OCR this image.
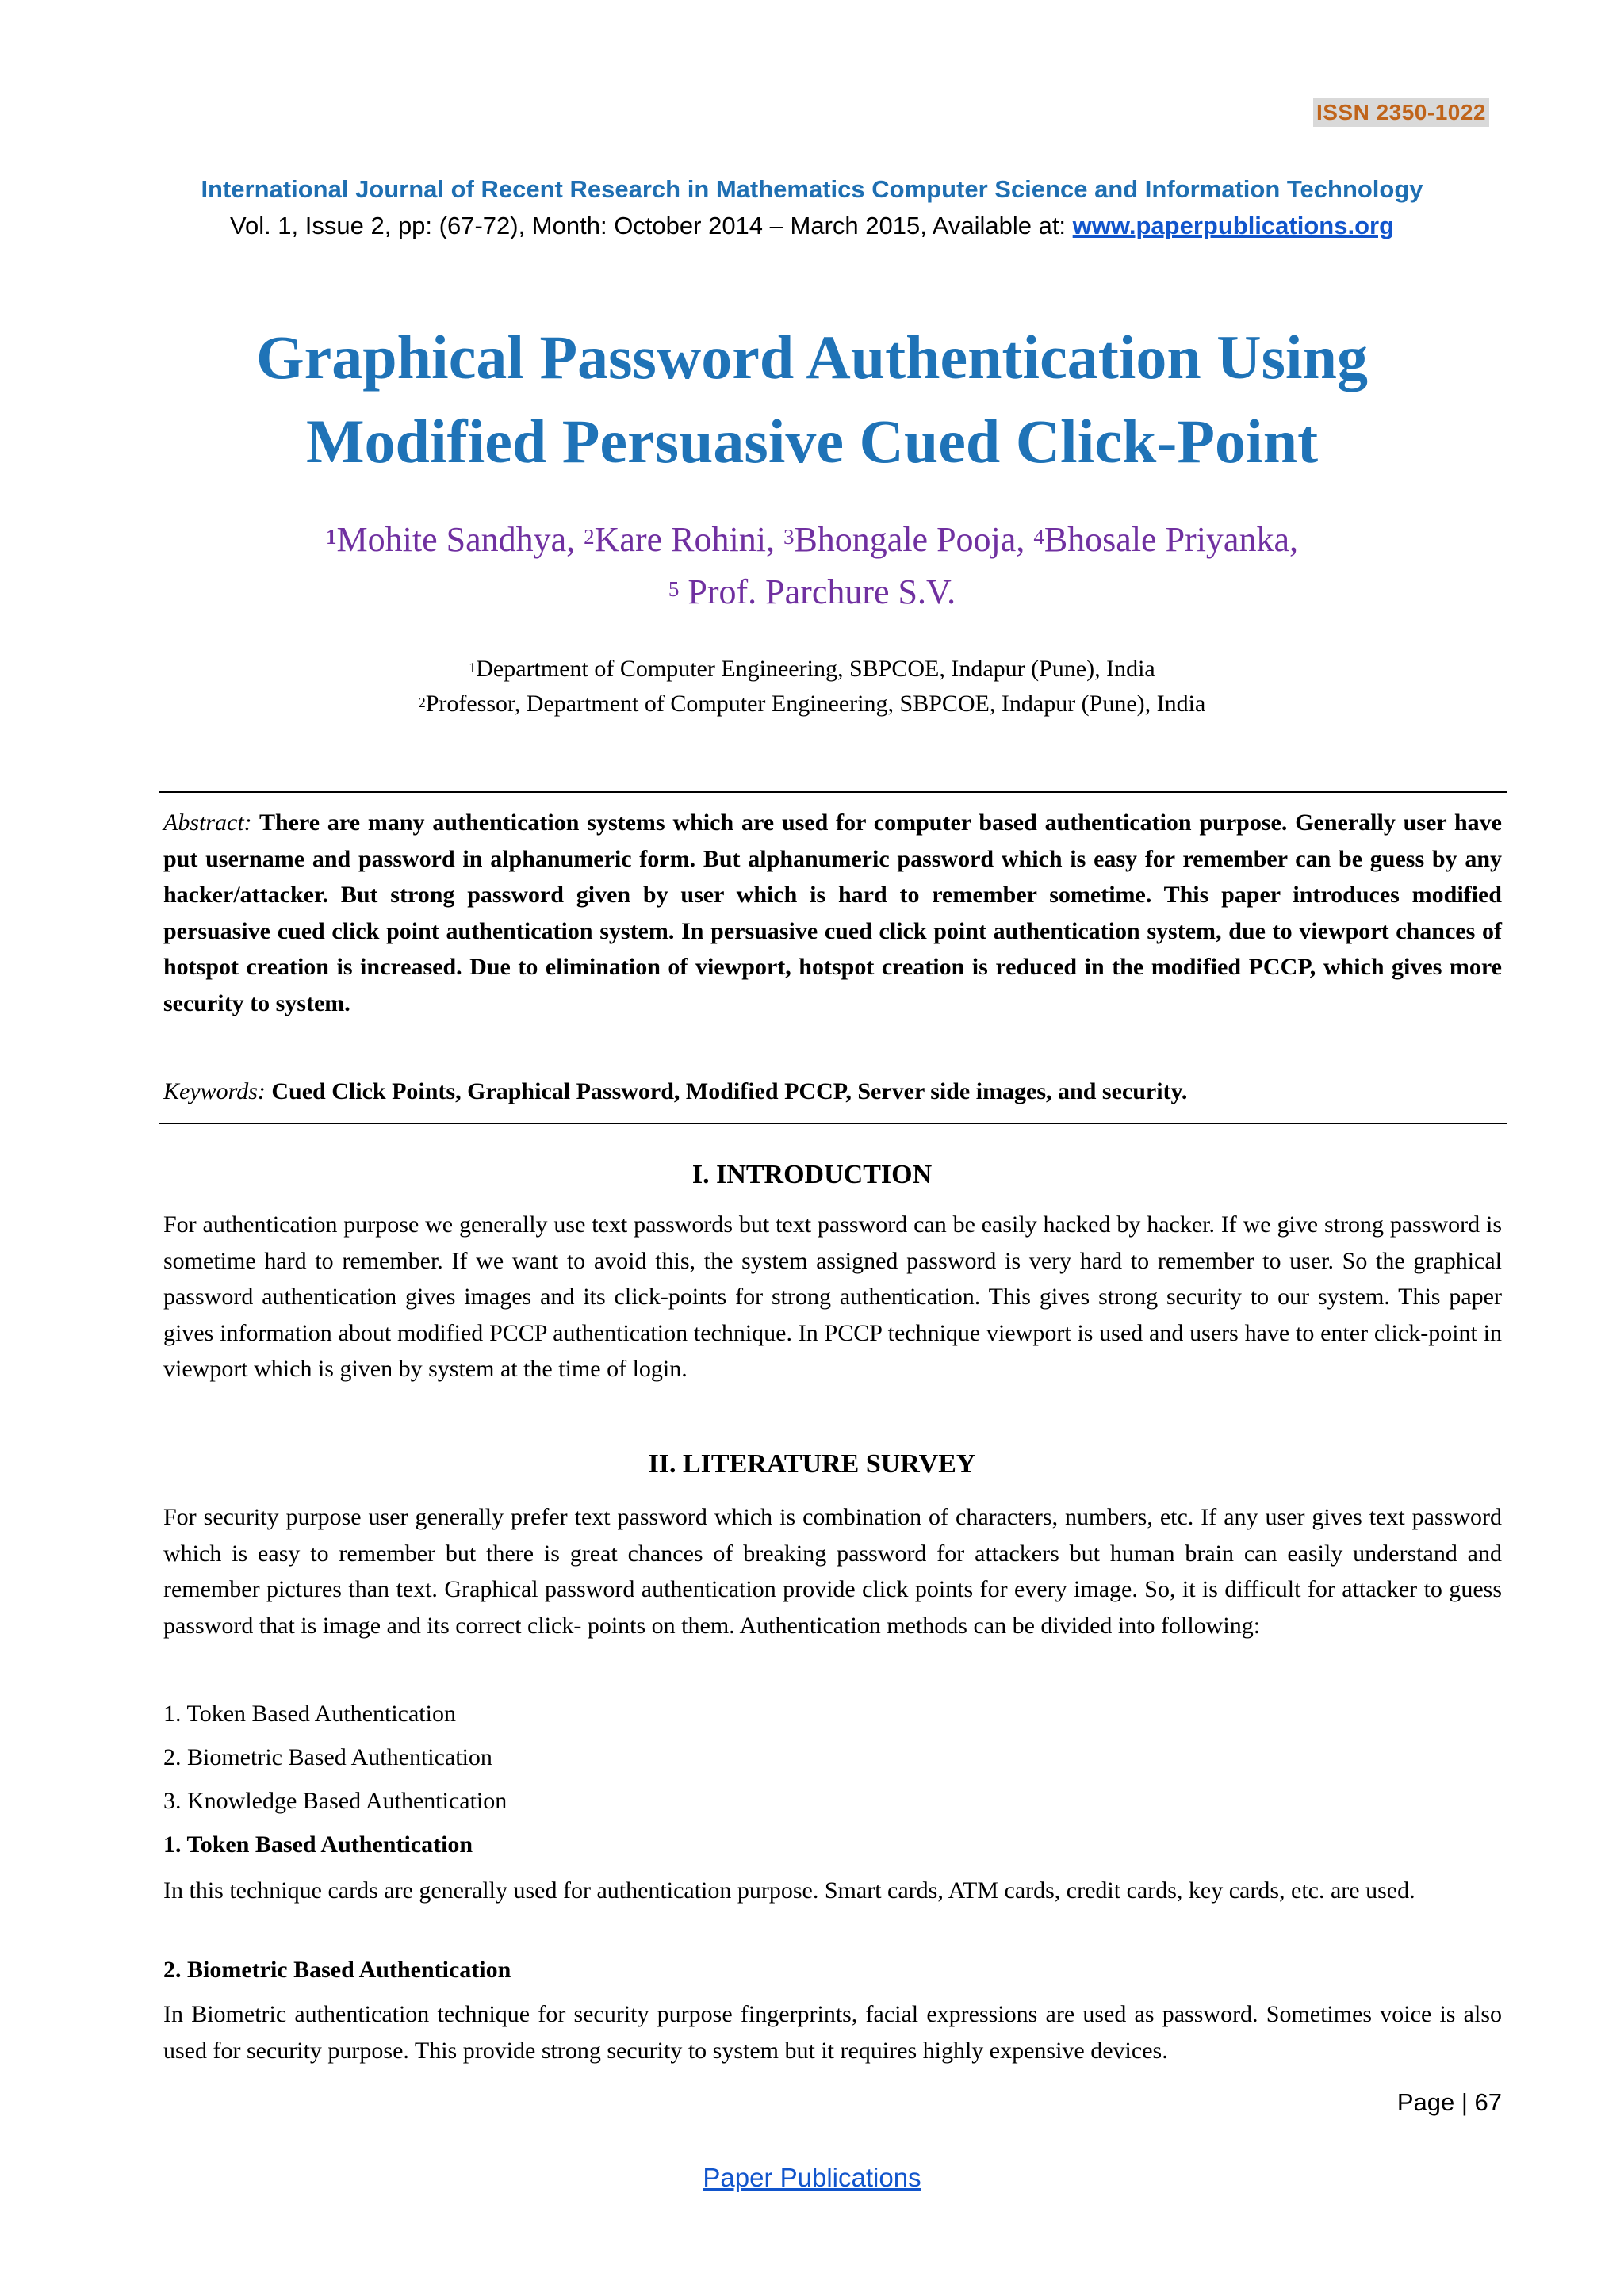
ISSN 2350-1022
International Journal of Recent Research in Mathematics Computer Science and Information Technology
Vol. 1, Issue 2, pp: (67-72), Month: October 2014 – March 2015, Available at: www.paperpublications.org
Graphical Password Authentication Using
Modified Persuasive Cued Click-Point
$^1$Mohite Sandhya, $^2$Kare Rohini, $^3$Bhongale Pooja, $^4$Bhosale Priyanka,
$^5$ Prof. Parchure S.V.
$^1$Department of Computer Engineering, SBPCOE, Indapur (Pune), India
$^2$Professor, Department of Computer Engineering, SBPCOE, Indapur (Pune), India
Abstract: There are many authentication systems which are used for computer based authentication purpose. Generally user have put username and password in alphanumeric form. But alphanumeric password which is easy for remember can be guess by any hacker/attacker. But strong password given by user which is hard to remember sometime. This paper introduces modified persuasive cued click point authentication system. In persuasive cued click point authentication system, due to viewport chances of hotspot creation is increased. Due to elimination of viewport, hotspot creation is reduced in the modified PCCP, which gives more security to system.
Keywords: Cued Click Points, Graphical Password, Modified PCCP, Server side images, and security.
I. INTRODUCTION
For authentication purpose we generally use text passwords but text password can be easily hacked by hacker. If we give strong password is sometime hard to remember. If we want to avoid this, the system assigned password is very hard to remember to user. So the graphical password authentication gives images and its click-points for strong authentication. This gives strong security to our system. This paper gives information about modified PCCP authentication technique. In PCCP technique viewport is used and users have to enter click-point in viewport which is given by system at the time of login.
II. LITERATURE SURVEY
For security purpose user generally prefer text password which is combination of characters, numbers, etc. If any user gives text password which is easy to remember but there is great chances of breaking password for attackers but human brain can easily understand and remember pictures than text. Graphical password authentication provide click points for every image. So, it is difficult for attacker to guess password that is image and its correct click- points on them. Authentication methods can be divided into following:
1. Token Based Authentication
2. Biometric Based Authentication
3. Knowledge Based Authentication
1. Token Based Authentication
In this technique cards are generally used for authentication purpose. Smart cards, ATM cards, credit cards, key cards, etc. are used.
2. Biometric Based Authentication
In Biometric authentication technique for security purpose fingerprints, facial expressions are used as password. Sometimes voice is also used for security purpose. This provide strong security to system but it requires highly expensive devices.
Page | 67
Paper Publications
